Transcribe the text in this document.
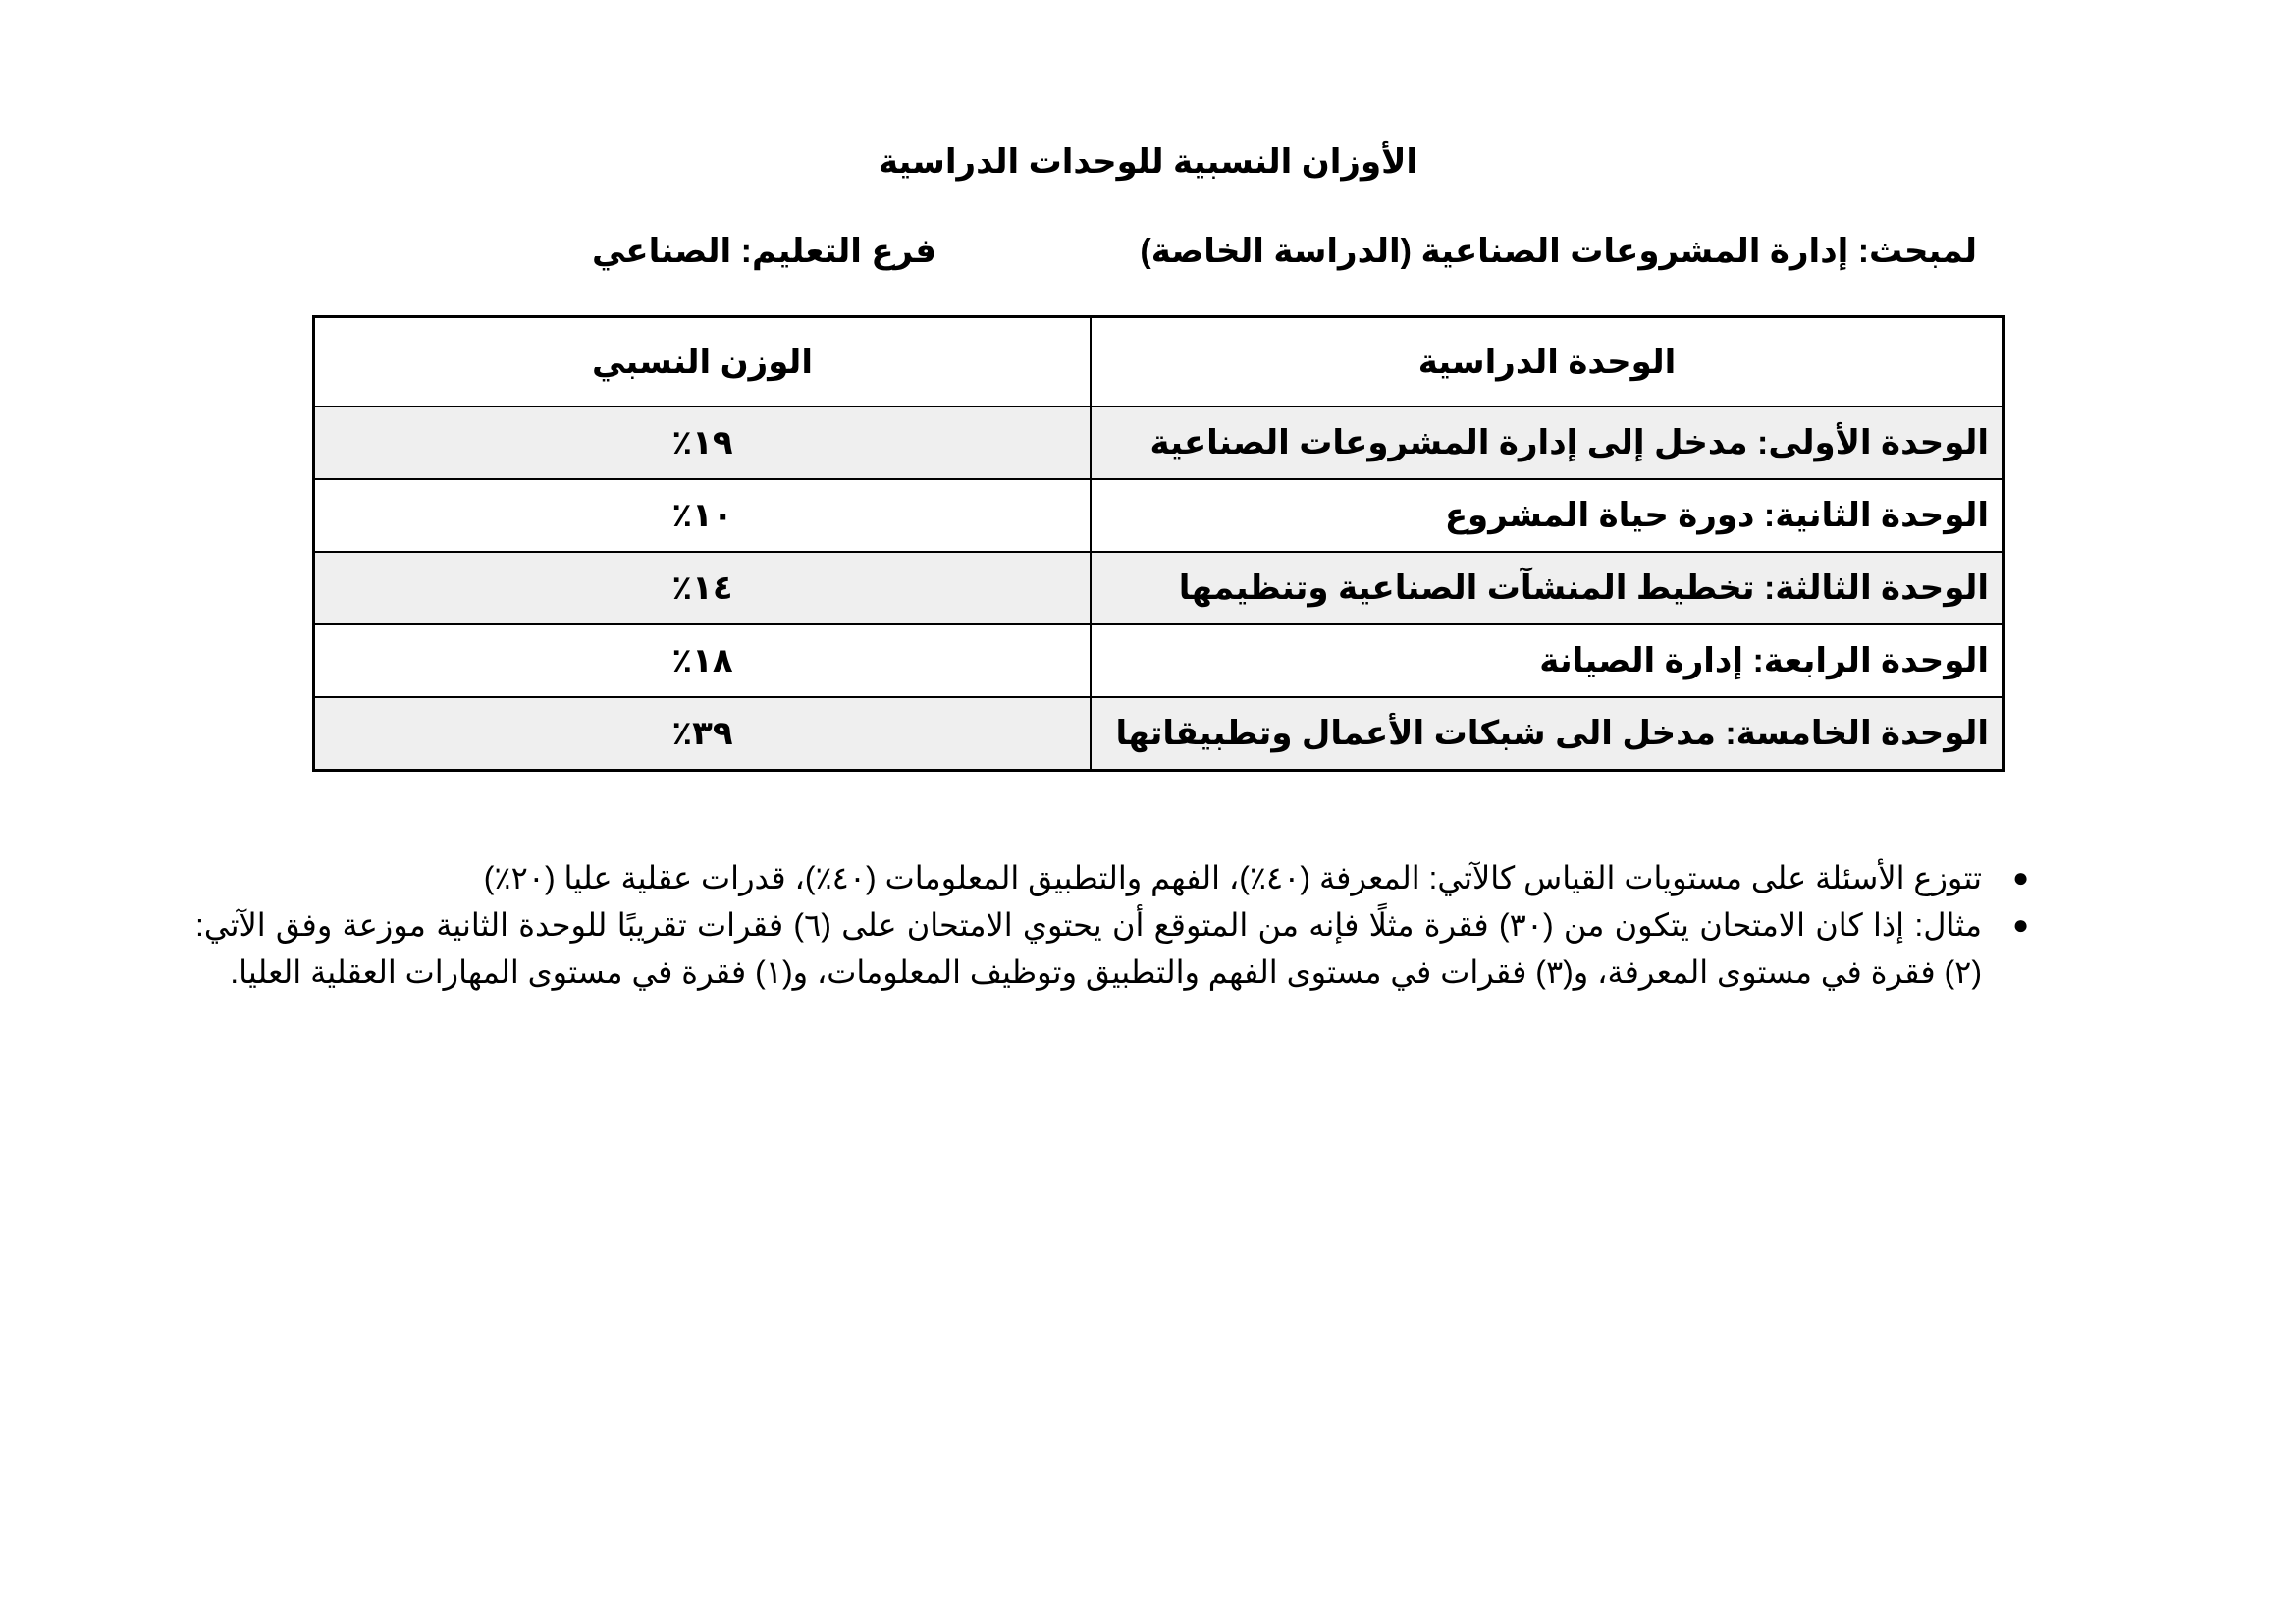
الأوزان النسبية للوحدات الدراسية
لمبحث: إدارة المشروعات الصناعية (الدراسة الخاصة)
فرع التعليم: الصناعي
الوحدة الدراسية	الوزن النسبي
الوحدة الأولى: مدخل إلى إدارة المشروعات الصناعية	١٩٪
الوحدة الثانية: دورة حياة المشروع	١٠٪
الوحدة الثالثة: تخطيط المنشآت الصناعية وتنظيمها	١٤٪
الوحدة الرابعة: إدارة الصيانة	١٨٪
الوحدة الخامسة: مدخل الى شبكات الأعمال وتطبيقاتها	٣٩٪
●
تتوزع الأسئلة على مستويات القياس كالآتي: المعرفة (٤٠٪)، الفهم والتطبيق المعلومات (٤٠٪)، قدرات عقلية عليا (٢٠٪)
●
مثال: إذا كان الامتحان يتكون من (٣٠) فقرة مثلًا فإنه من المتوقع أن يحتوي الامتحان على (٦) فقرات تقريبًا للوحدة الثانية موزعة وفق الآتي: (٢) فقرة في مستوى المعرفة، و(٣) فقرات في مستوى الفهم والتطبيق وتوظيف المعلومات، و(١) فقرة في مستوى المهارات العقلية العليا.
